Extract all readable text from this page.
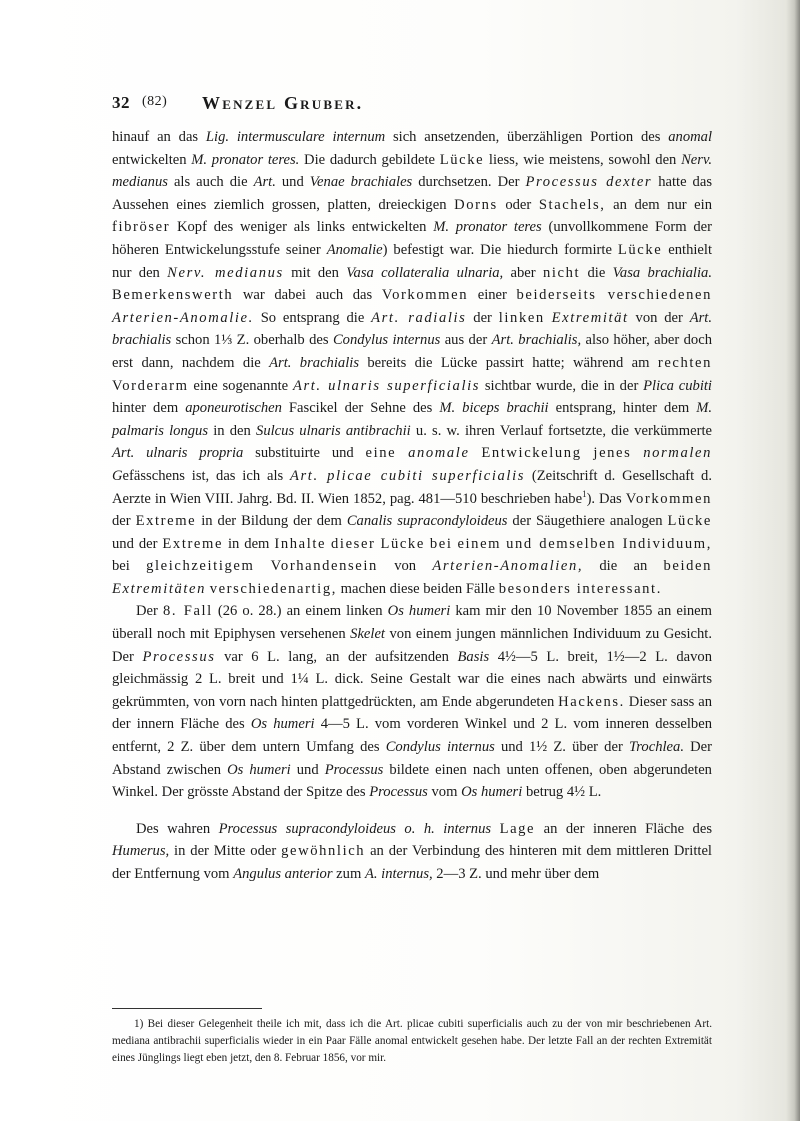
32 (82) Wenzel Gruber.

hinauf an das Lig. intermusculare internum sich ansetzenden, überzähligen Portion des anomal entwickelten M. pronator teres. Die dadurch gebildete Lücke liess, wie meistens, sowohl den Nerv. medianus als auch die Art. und Venae brachiales durchsetzen. Der Processus dexter hatte das Aussehen eines ziemlich grossen, platten, dreieckigen Dorns oder Stachels, an dem nur ein fibröser Kopf des weniger als links entwickelten M. pronator teres (unvollkommene Form der höheren Entwickelungsstufe seiner Anomalie) befestigt war. Die hiedurch formirte Lücke enthielt nur den Nerv. medianus mit den Vasa collateralia ulnaria, aber nicht die Vasa brachialia. Bemerkenswerth war dabei auch das Vorkommen einer beiderseits verschiedenen Arterien-Anomalie. So entsprang die Art. radialis der linken Extremität von der Art. brachialis schon 1⅓ Z. oberhalb des Condylus internus aus der Art. brachialis, also höher, aber doch erst dann, nachdem die Art. brachialis bereits die Lücke passirt hatte; während am rechten Vorderarm eine sogenannte Art. ulnaris superficialis sichtbar wurde, die in der Plica cubiti hinter dem aponeurotischen Fascikel der Sehne des M. biceps brachii entsprang, hinter dem M. palmaris longus in den Sulcus ulnaris antibrachii u. s. w. ihren Verlauf fortsetzte, die verkümmerte Art. ulnaris propria substituirte und eine anomale Entwickelung jenes normalen Gefässchens ist, das ich als Art. plicae cubiti superficialis (Zeitschrift d. Gesellschaft d. Aerzte in Wien VIII. Jahrg. Bd. II. Wien 1852, pag. 481—510 beschrieben habe$^1$). Das Vorkommen der Extreme in der Bildung der dem Canalis supracondyloideus der Säugethiere analogen Lücke und der Extreme in dem Inhalte dieser Lücke bei einem und demselben Individuum, bei gleichzeitigem Vorhandensein von Arterien-Anomalien, die an beiden Extremitäten verschiedenartig, machen diese beiden Fälle besonders interessant.

Der 8. Fall (26 o. 28.) an einem linken Os humeri kam mir den 10 November 1855 an einem überall noch mit Epiphysen versehenen Skelet von einem jungen männlichen Individuum zu Gesicht. Der Processus var 6 L. lang, an der aufsitzenden Basis 4½—5 L. breit, 1½—2 L. davon gleichmässig 2 L. breit und 1¼ L. dick. Seine Gestalt war die eines nach abwärts und einwärts gekrümmten, von vorn nach hinten plattgedrückten, am Ende abgerundeten Hackens. Dieser sass an der innern Fläche des Os humeri 4—5 L. vom vorderen Winkel und 2 L. vom inneren desselben entfernt, 2 Z. über dem untern Umfang des Condylus internus und 1½ Z. über der Trochlea. Der Abstand zwischen Os humeri und Processus bildete einen nach unten offenen, oben abgerundeten Winkel. Der grösste Abstand der Spitze des Processus vom Os humeri betrug 4½ L.

Des wahren Processus supracondyloideus o. h. internus Lage an der inneren Fläche des Humerus, in der Mitte oder gewöhnlich an der Verbindung des hinteren mit dem mittleren Drittel der Entfernung vom Angulus anterior zum A. internus, 2—3 Z. und mehr über dem

1) Bei dieser Gelegenheit theile ich mit, dass ich die Art. plicae cubiti superficialis auch zu der von mir beschriebenen Art. mediana antibrachii superficialis wieder in ein Paar Fälle anomal entwickelt gesehen habe. Der letzte Fall an der rechten Extremität eines Jünglings liegt eben jetzt, den 8. Februar 1856, vor mir.
